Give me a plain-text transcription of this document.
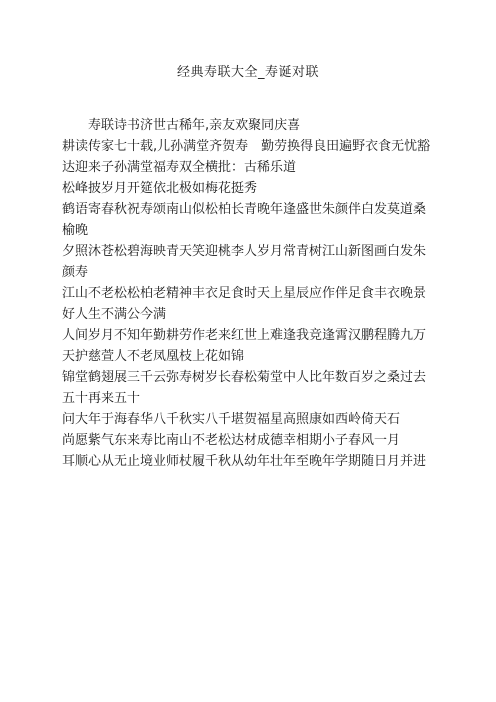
经典寿联大全_寿诞对联

寿联诗书济世古稀年,亲友欢聚同庆喜

耕读传家七十载,儿孙满堂齐贺寿　勤劳换得良田遍野衣食无忧豁达迎来子孙满堂福寿双全横批：古稀乐道

松峰披岁月开筵依北极如梅花挺秀

鹤语寄春秋祝寿颂南山似松柏长青晚年逢盛世朱颜伴白发莫道桑榆晚

夕照沐苍松碧海映青天笑迎桃李人岁月常青树江山新图画白发朱颜寿

江山不老松松柏老精神丰衣足食时天上星辰应作伴足食丰衣晚景好人生不满公今满

人间岁月不知年勤耕劳作老来红世上难逢我竞逢霄汉鹏程腾九万天护慈萱人不老凤凰枝上花如锦

锦堂鹤翅展三千云弥寿树岁长春松菊堂中人比年数百岁之桑过去五十再来五十

问大年于海春华八千秋实八千堪贺福星高照康如西岭倚天石

尚愿紫气东来寿比南山不老松达材成德幸相期小子春风一月

耳顺心从无止境业师杖履千秋从幼年壮年至晚年学期随日月并进
